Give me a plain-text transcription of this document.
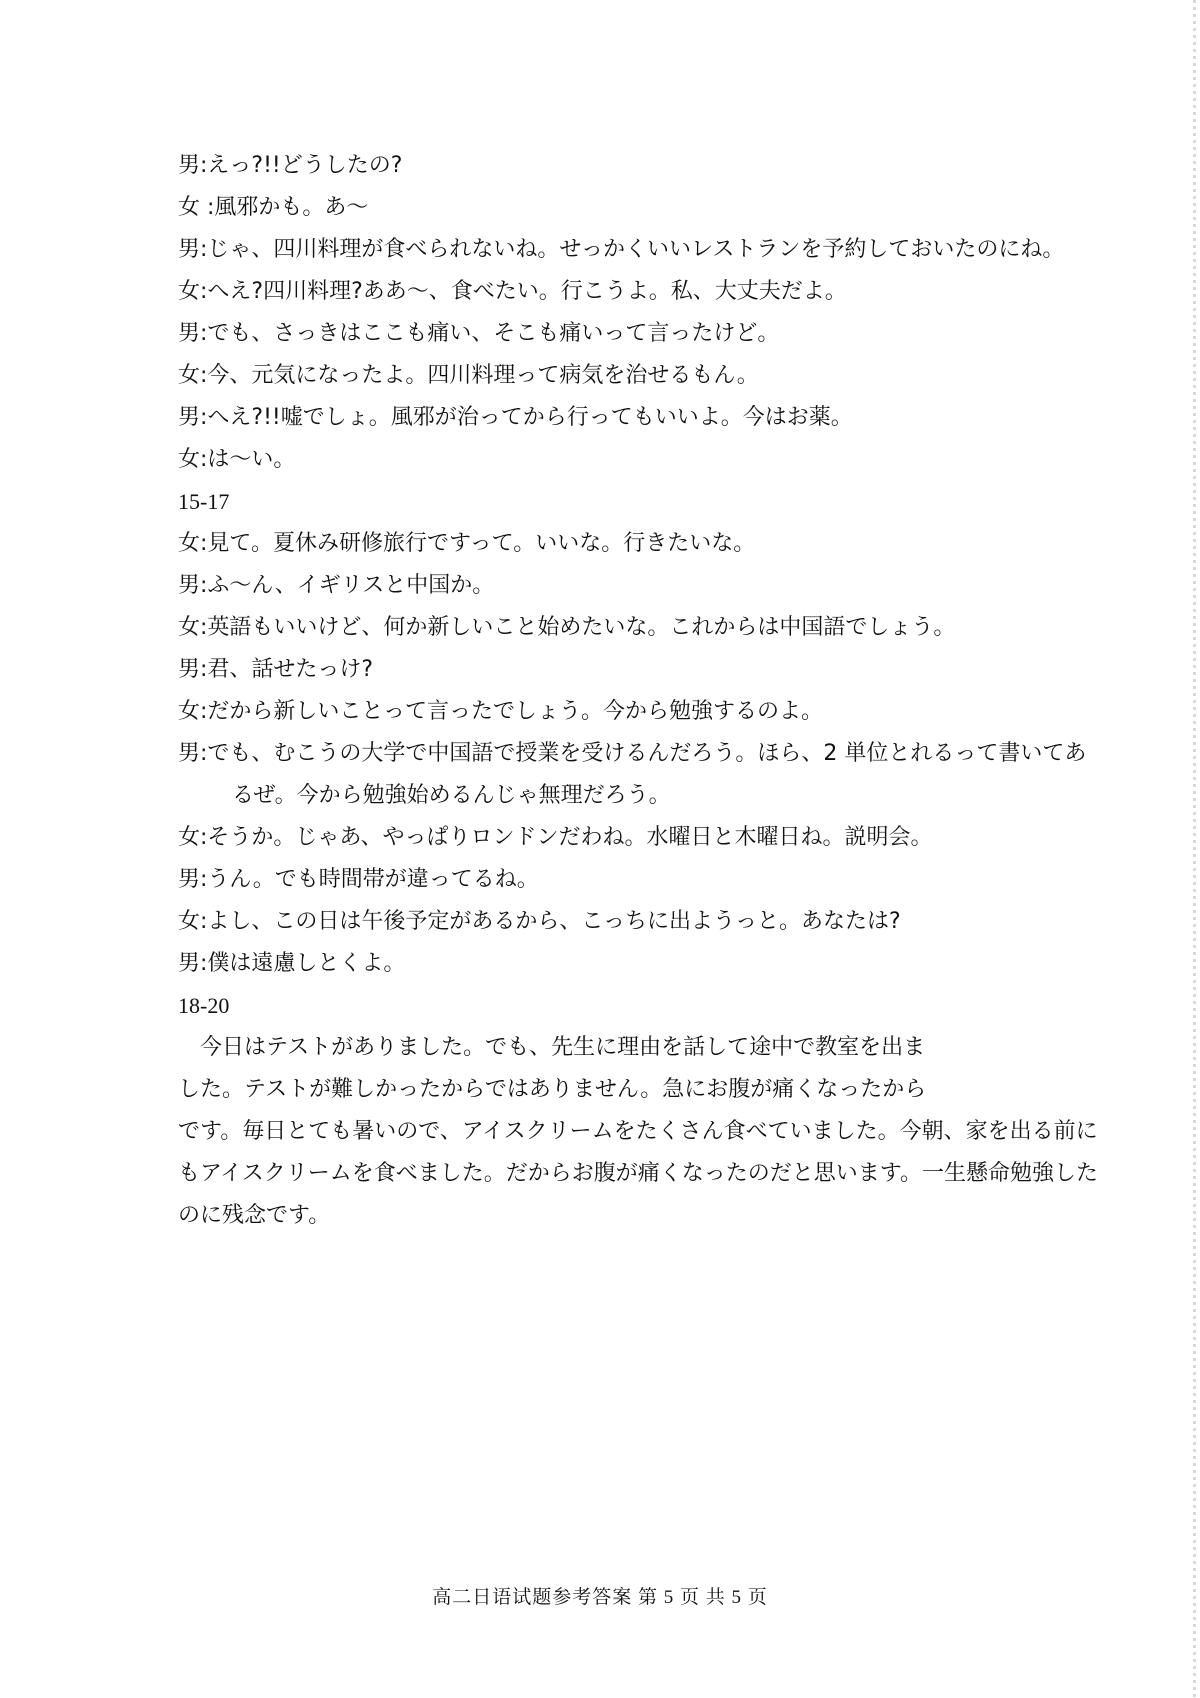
男:えっ?!!どうしたの?
女 :風邪かも。あ〜
男:じゃ、四川料理が食べられないね。せっかくいいレストランを予約しておいたのにね。
女:へえ?四川料理?ああ〜、食べたい。行こうよ。私、大丈夫だよ。
男:でも、さっきはここも痛い、そこも痛いって言ったけど。
女:今、元気になったよ。四川料理って病気を治せるもん。
男:へえ?!!嘘でしょ。風邪が治ってから行ってもいいよ。今はお薬。
女:は〜い。
15-17
女:見て。夏休み研修旅行ですって。いいな。行きたいな。
男:ふ〜ん、イギリスと中国か。
女:英語もいいけど、何か新しいこと始めたいな。これからは中国語でしょう。
男:君、話せたっけ?
女:だから新しいことって言ったでしょう。今から勉強するのよ。
男:でも、むこうの大学で中国語で授業を受けるんだろう。ほら、2 単位とれるって書いてあ
るぜ。今から勉強始めるんじゃ無理だろう。
女:そうか。じゃあ、やっぱりロンドンだわね。水曜日と木曜日ね。説明会。
男:うん。でも時間帯が違ってるね。
女:よし、この日は午後予定があるから、こっちに出ようっと。あなたは?
男:僕は遠慮しとくよ。
18-20
今日はテストがありました。でも、先生に理由を話して途中で教室を出ま
した。テストが難しかったからではありません。急にお腹が痛くなったから
です。毎日とても暑いので、アイスクリームをたくさん食べていました。今朝、家を出る前に
もアイスクリームを食べました。だからお腹が痛くなったのだと思います。一生懸命勉強した
のに残念です。
高二日语试题参考答案 第 5 页 共 5 页
